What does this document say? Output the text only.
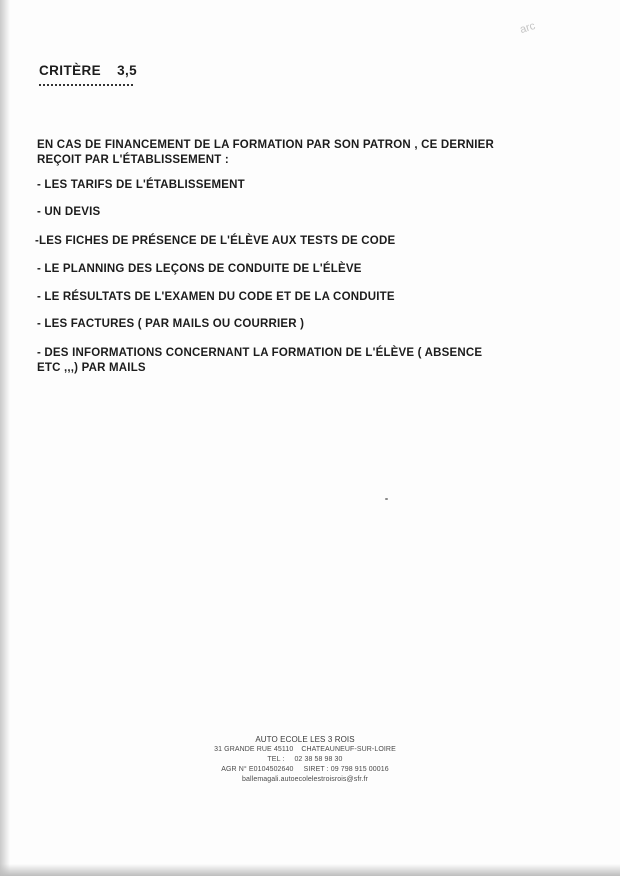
arc
CRITÈRE 3,5
EN CAS DE FINANCEMENT DE LA FORMATION PAR SON PATRON , CE DERNIER
REÇOIT PAR L'ÉTABLISSEMENT :
- LES TARIFS DE L'ÉTABLISSEMENT
- UN DEVIS
-LES FICHES DE PRÉSENCE DE L'ÉLÈVE AUX TESTS DE CODE
- LE PLANNING DES LEÇONS DE CONDUITE DE L'ÉLÈVE
- LE RÉSULTATS DE L'EXAMEN DU CODE ET DE LA CONDUITE
- LES FACTURES ( PAR MAILS OU COURRIER )
- DES INFORMATIONS CONCERNANT LA FORMATION DE L'ÉLÈVE ( ABSENCE
ETC ,,,) PAR MAILS
AUTO ECOLE LES 3 ROIS
31 GRANDE RUE 45110 CHATEAUNEUF-SUR-LOIRE
TEL : 02 38 58 98 30
AGR N° E0104502640 SIRET : 09 798 915 00016
ballemagali.autoecolelestroisrois@sfr.fr
